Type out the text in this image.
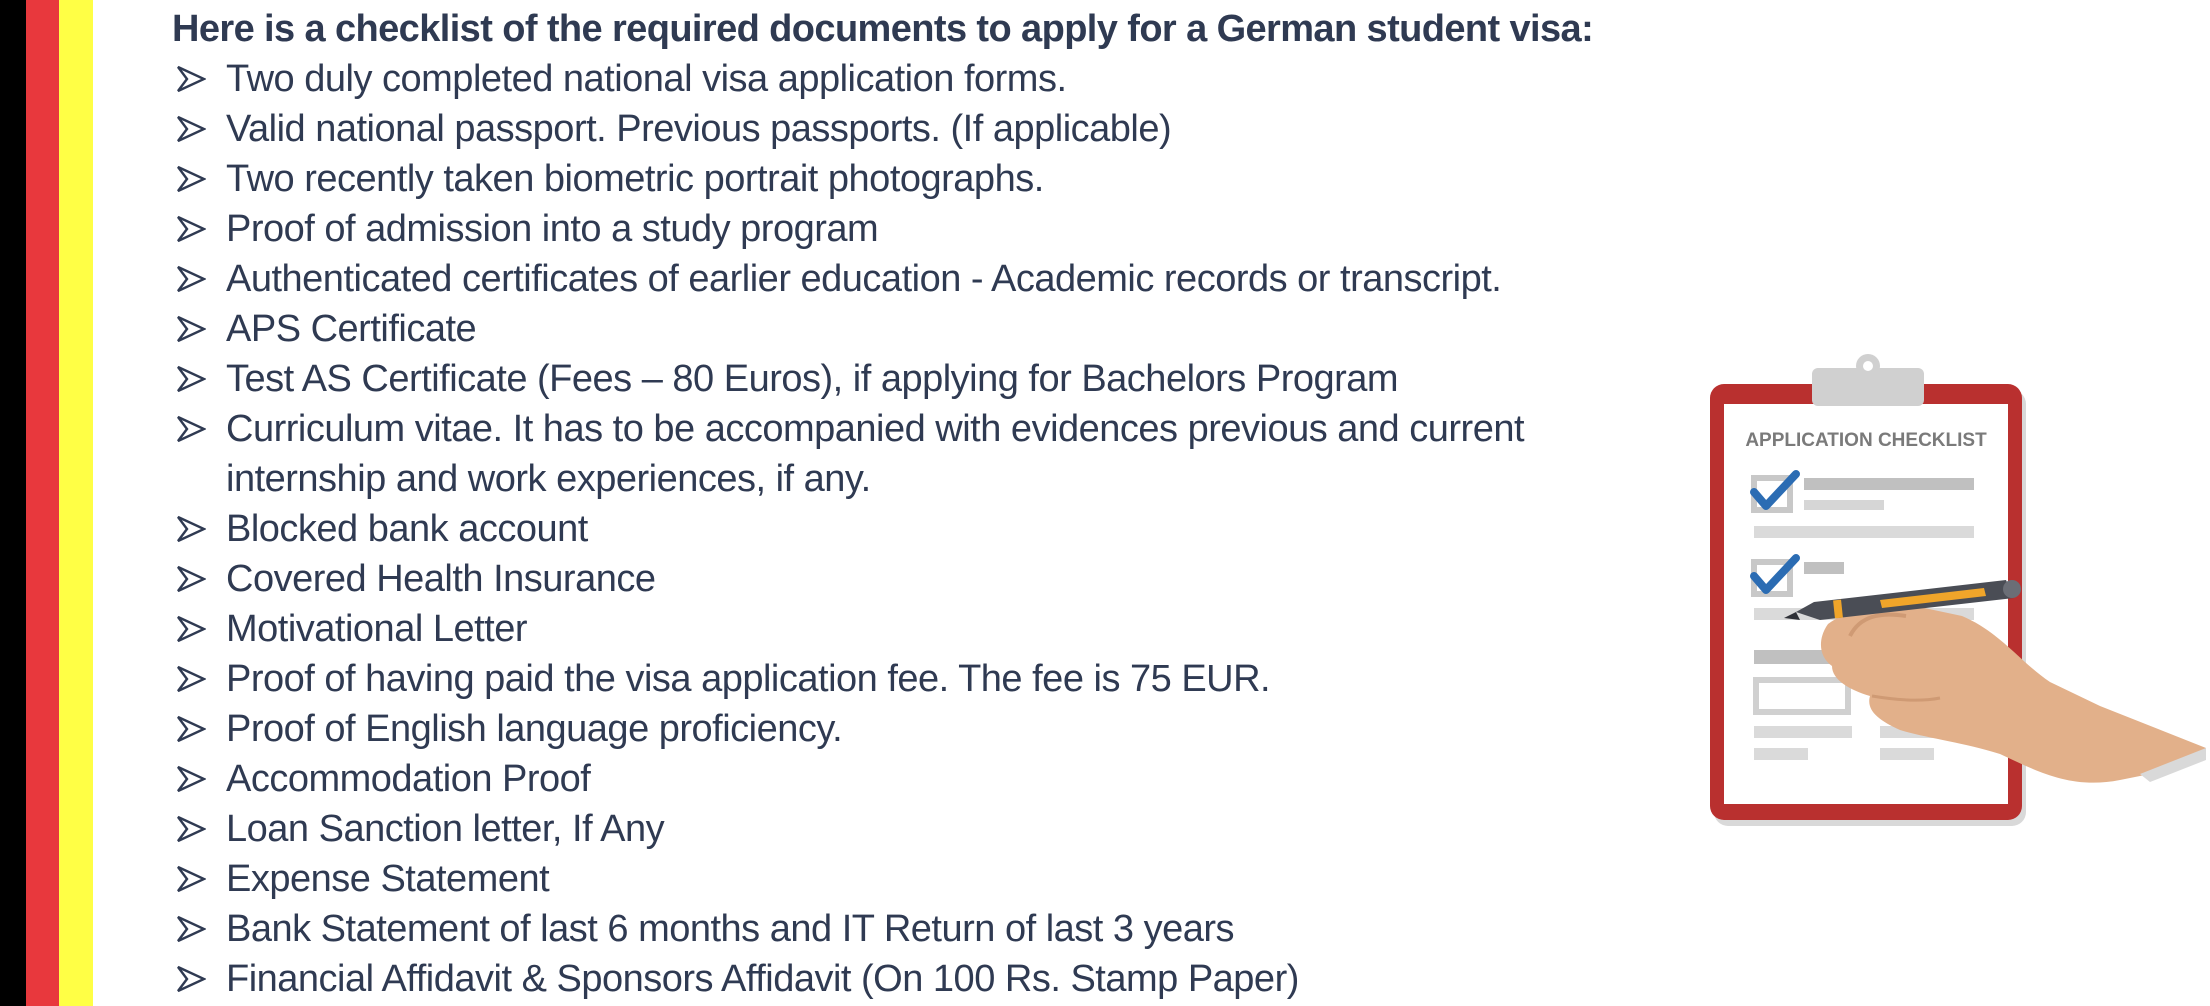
Here is a checklist of the required documents to apply for a German student visa:
Two duly completed national visa application forms.
Valid national passport. Previous passports. (If applicable)
Two recently taken biometric portrait photographs.
Proof of admission into a study program
Authenticated certificates of earlier education - Academic records or transcript.
APS Certificate
Test AS Certificate (Fees – 80 Euros), if applying for Bachelors Program
Curriculum vitae. It has to be accompanied with evidences previous and current
internship and work experiences, if any.
Blocked bank account
Covered Health Insurance
Motivational Letter
Proof of having paid the visa application fee. The fee is 75 EUR.
Proof of English language proficiency.
Accommodation Proof
Loan Sanction letter, If Any
Expense Statement
Bank Statement of last 6 months and IT Return of last 3 years
Financial Affidavit & Sponsors Affidavit (On 100 Rs. Stamp Paper)
APPLICATION CHECKLIST
